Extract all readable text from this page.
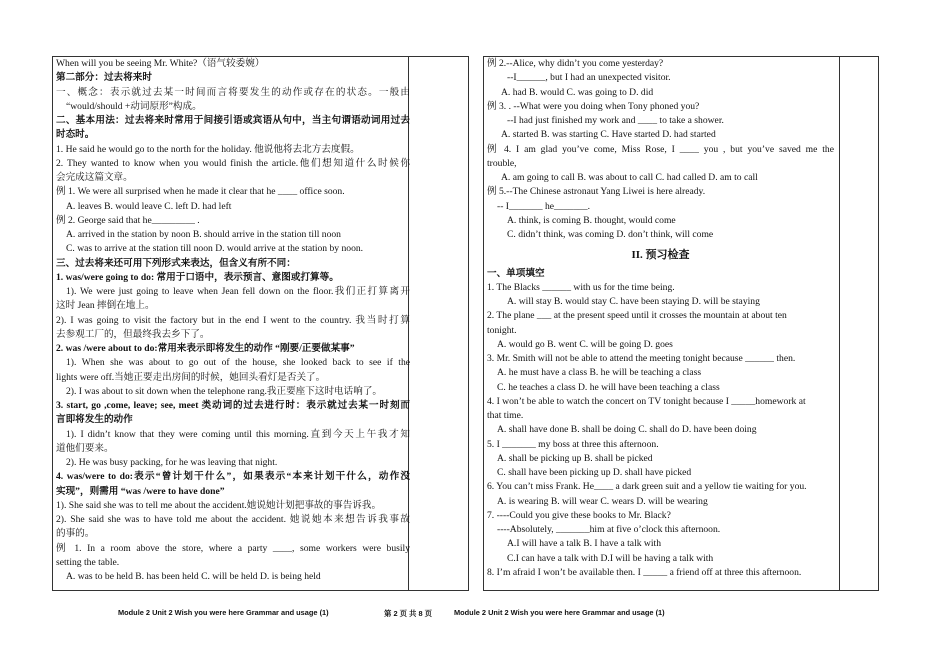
When will you be seeing Mr. White?（语气较委婉）
第二部分：过去将来时
一、概念：表示就过去某一时间而言将要发生的动作或存在的状态。一般由
“would/should +动词原形”构成。
二、基本用法：过去将来时常用于间接引语或宾语从句中，当主句谓语动词用过去
时态时。
1. He said he would go to the north for the holiday. 他说他将去北方去度假。
2. They wanted to know when you would finish the article.他们想知道什么时候你
会完成这篇文章。
例 1. We were all surprised when he made it clear that he ____ office soon.
A. leaves B. would leave C. left D. had left
例 2. George said that he_________ .
A. arrived in the station by noon B. should arrive in the station till noon
C. was to arrive at the station till noon D. would arrive at the station by noon.
三、过去将来还可用下列形式来表达，但含义有所不同：
1. was/were going to do: 常用于口语中，表示预言、意图或打算等。
1). We were just going to leave when Jean fell down on the floor.我们正打算离开
这时 Jean 摔倒在地上。
2). I was going to visit the factory but in the end I went to the country. 我当时打算
去参观工厂的，但最终我去乡下了。
2. was /were about to do:常用来表示即将发生的动作 “刚要/正要做某事”
1). When she was about to go out of the house, she looked back to see if the
lights were off.当她正要走出房间的时候，她回头看灯是否关了。
2). I was about to sit down when the telephone rang.我正要座下这时电话响了。
3. start, go ,come, leave; see, meet 类动词的过去进行时：表示就过去某一时刻而
言即将发生的动作
1). I didn’t know that they were coming until this morning.直到今天上午我才知
道他们要来。
2). He was busy packing, for he was leaving that night.
4. was/were to do:表示“曾计划干什么”，如果表示“本来计划干什么，动作没
实现”，则需用 “was /were to have done”
1). She said she was to tell me about the accident.她说她计划把事故的事告诉我。
2). She said she was to have told me about the accident. 她说她本来想告诉我事故
的事的。
例 1. In a room above the store, where a party ____, some workers were busily
setting the table.
A. was to be held B. has been held C. will be held D. is being held
例 2.--Alice, why didn’t you come yesterday?
--I______, but I had an unexpected visitor.
A. had B. would C. was going to D. did
例 3. . --What were you doing when Tony phoned you?
--I had just finished my work and ____ to take a shower.
A. started B. was starting C. Have started D. had started
例 4. I am glad you’ve come, Miss Rose, I ____ you , but you’ve saved me the
trouble,
A. am going to call B. was about to call C. had called D. am to call
例 5.--The Chinese astronaut Yang Liwei is here already.
-- I_______ he_______.
A. think, is coming B. thought, would come
C. didn’t think, was coming D. don’t think, will come
II. 预习检查
一、单项填空
1. The Blacks ______ with us for the time being.
A. will stay B. would stay C. have been staying D. will be staying
2. The plane ___ at the present speed until it crosses the mountain at about ten
tonight.
A. would go B. went C. will be going D. goes
3. Mr. Smith will not be able to attend the meeting tonight because ______ then.
A. he must have a class B. he will be teaching a class
C. he teaches a class D. he will have been teaching a class
4. I won’t be able to watch the concert on TV tonight because I _____homework at
that time.
A. shall have done B. shall be doing C. shall do D. have been doing
5. I _______ my boss at three this afternoon.
A. shall be picking up B. shall be picked
C. shall have been picking up D. shall have picked
6. You can’t miss Frank. He____ a dark green suit and a yellow tie waiting for you.
A. is wearing B. will wear C. wears D. will be wearing
7. ----Could you give these books to Mr. Black?
----Absolutely, _______him at five o’clock this afternoon.
A.I will have a talk B. I have a talk with
C.I can have a talk with D.I will be having a talk with
8. I’m afraid I won’t be available then. I _____ a friend off at three this afternoon.
Module 2 Unit 2 Wish you were here Grammar and usage (1)	第 2 页 共 8 页	Module 2 Unit 2 Wish you were here Grammar and usage (1)
